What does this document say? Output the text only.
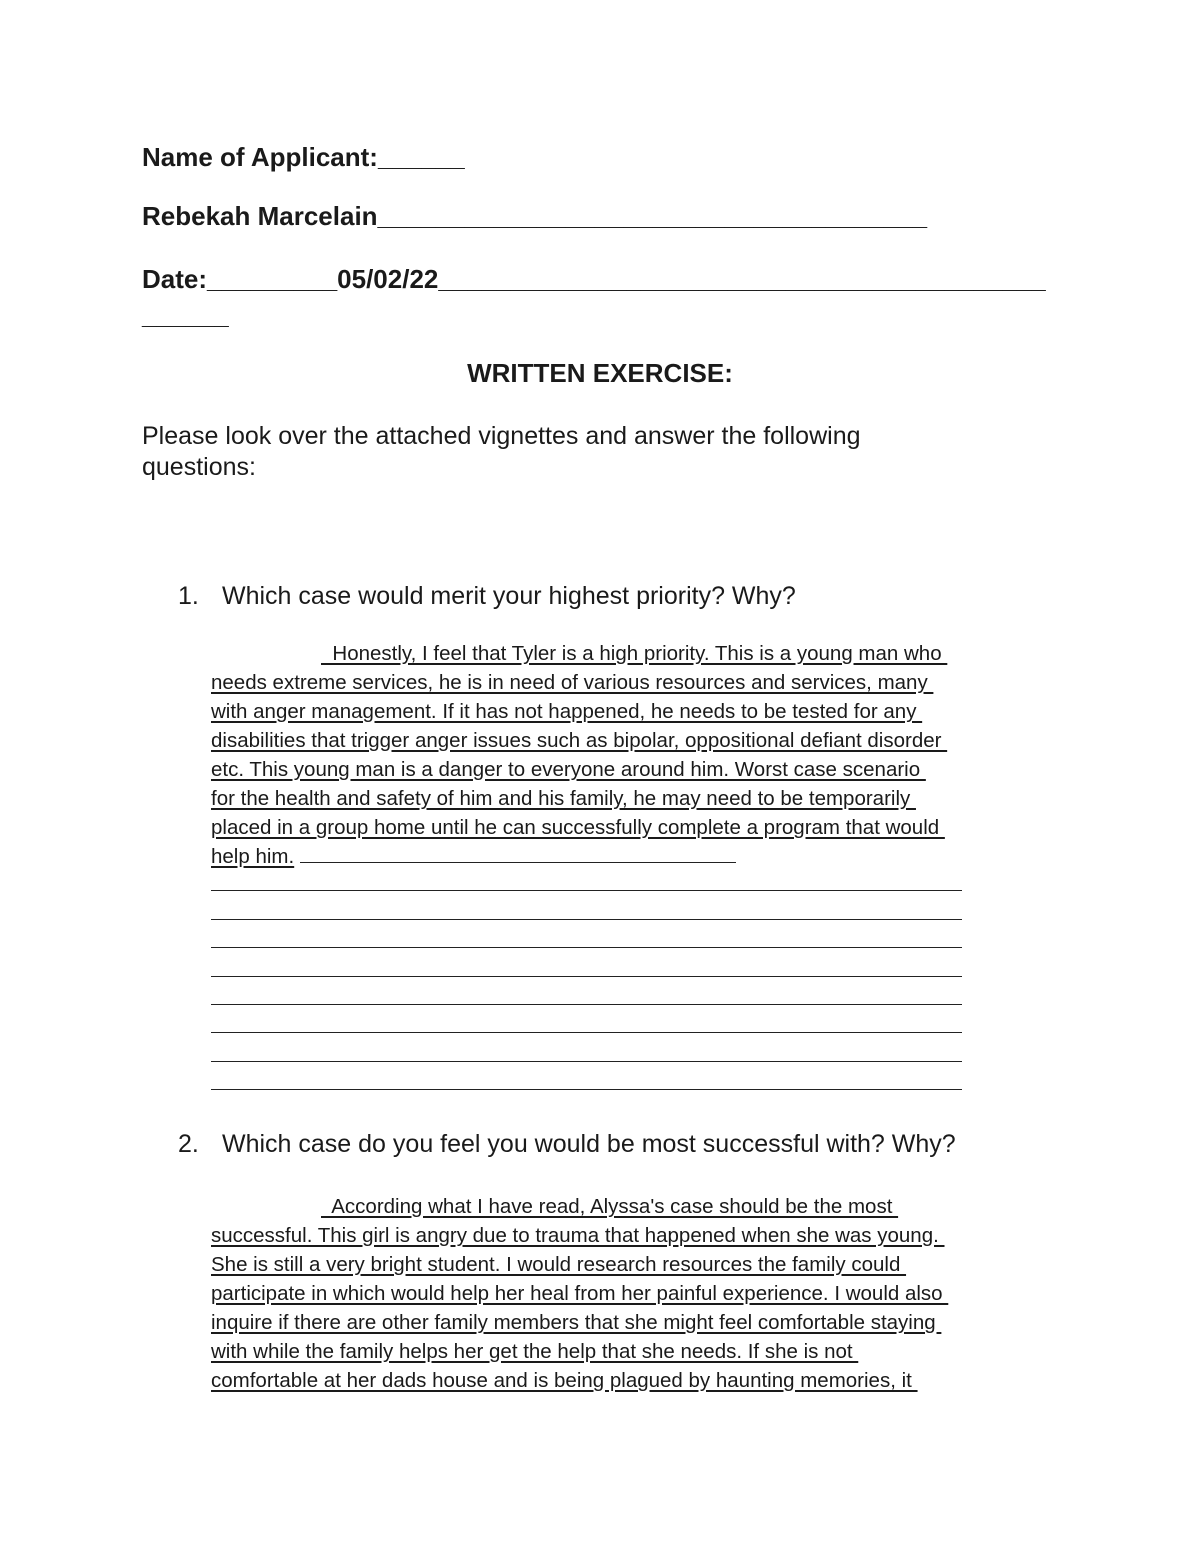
Name of Applicant:______
Rebekah Marcelain______________________________________
Date:_________05/02/22__________________________________________
______
WRITTEN EXERCISE:
Please look over the attached vignettes and answer the following questions:
1. Which case would merit your highest priority? Why?
Honestly, I feel that Tyler is a high priority. This is a young man who
needs extreme services, he is in need of various resources and services, many
with anger management. If it has not happened, he needs to be tested for any
disabilities that trigger anger issues such as bipolar, oppositional defiant disorder
etc. This young man is a danger to everyone around him. Worst case scenario
for the health and safety of him and his family, he may need to be temporarily
placed in a group home until he can successfully complete a program that would
help him.
2. Which case do you feel you would be most successful with? Why?
According what I have read, Alyssa's case should be the most
successful. This girl is angry due to trauma that happened when she was young.
She is still a very bright student. I would research resources the family could
participate in which would help her heal from her painful experience. I would also
inquire if there are other family members that she might feel comfortable staying
with while the family helps her get the help that she needs. If she is not
comfortable at her dads house and is being plagued by haunting memories, it
